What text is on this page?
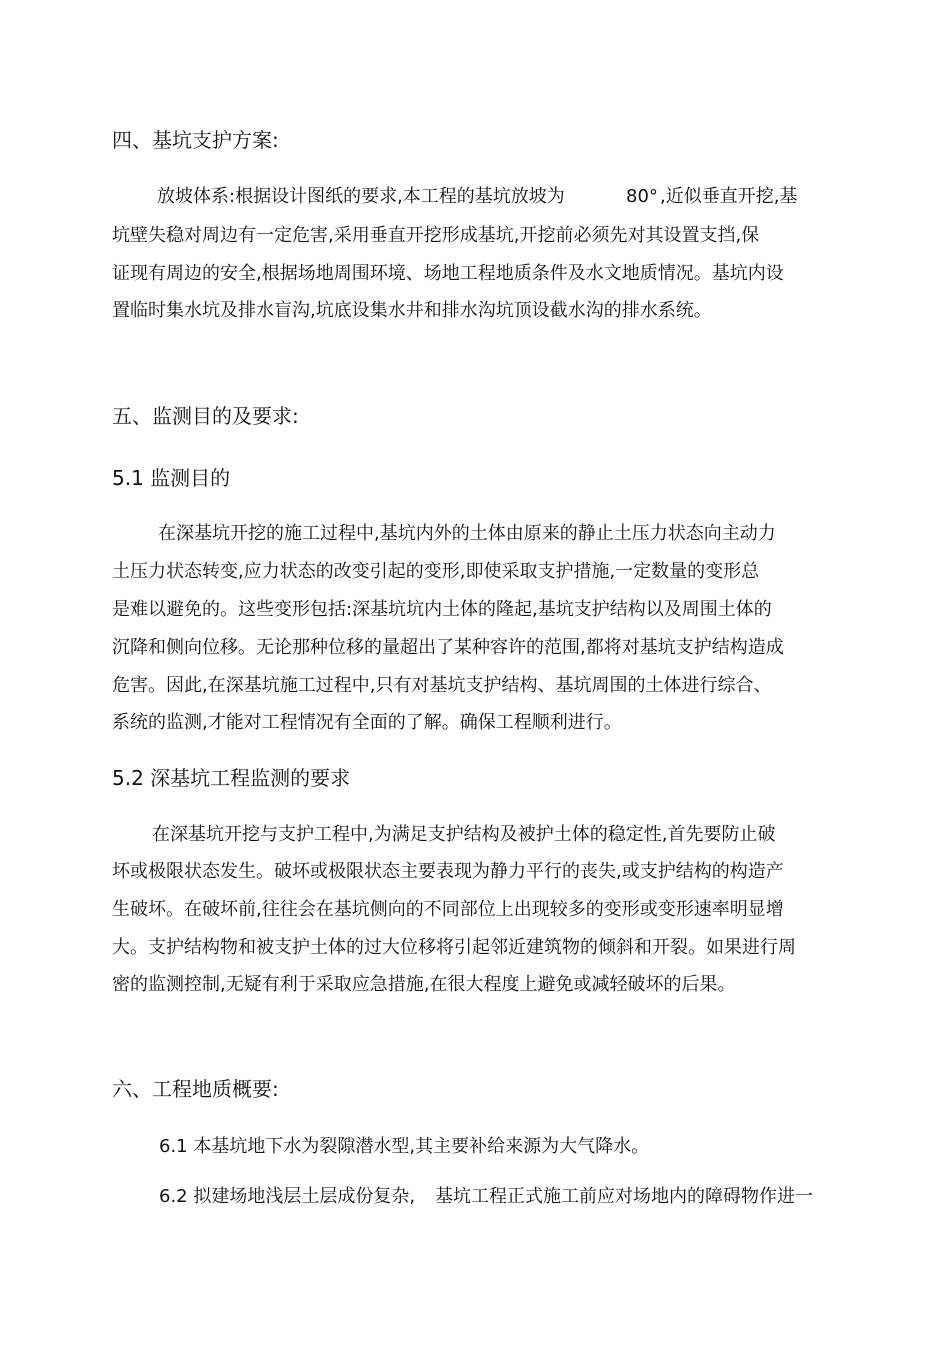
四、基坑支护方案:
放坡体系:根据设计图纸的要求,本工程的基坑放坡为	80° ,近似垂直开挖,基
坑壁失稳对周边有一定危害,采用垂直开挖形成基坑,开挖前必须先对其设置支挡,保
证现有周边的安全,根据场地周围环境、场地工程地质条件及水文地质情况。基坑内设
置临时集水坑及排水盲沟,坑底设集水井和排水沟坑顶设截水沟的排水系统。
五、监测目的及要求:
5.1 监测目的
在深基坑开挖的施工过程中,基坑内外的土体由原来的静止土压力状态向主动力
土压力状态转变,应力状态的改变引起的变形,即使采取支护措施,一定数量的变形总
是难以避免的。这些变形包括:深基坑坑内土体的隆起,基坑支护结构以及周围土体的
沉降和侧向位移。无论那种位移的量超出了某种容许的范围,都将对基坑支护结构造成
危害。因此,在深基坑施工过程中,只有对基坑支护结构、基坑周围的土体进行综合、
系统的监测,才能对工程情况有全面的了解。确保工程顺利进行。
5.2 深基坑工程监测的要求
在深基坑开挖与支护工程中,为满足支护结构及被护土体的稳定性,首先要防止破
坏或极限状态发生。破坏或极限状态主要表现为静力平行的丧失,或支护结构的构造产
生破坏。在破坏前,往往会在基坑侧向的不同部位上出现较多的变形或变形速率明显增
大。支护结构物和被支护土体的过大位移将引起邻近建筑物的倾斜和开裂。如果进行周
密的监测控制,无疑有利于采取应急措施,在很大程度上避免或减轻破坏的后果。
六、工程地质概要:
6.1 本基坑地下水为裂隙潜水型,其主要补给来源为大气降水。
6.2 拟建场地浅层土层成份复杂, 基坑工程正式施工前应对场地内的障碍物作进一
